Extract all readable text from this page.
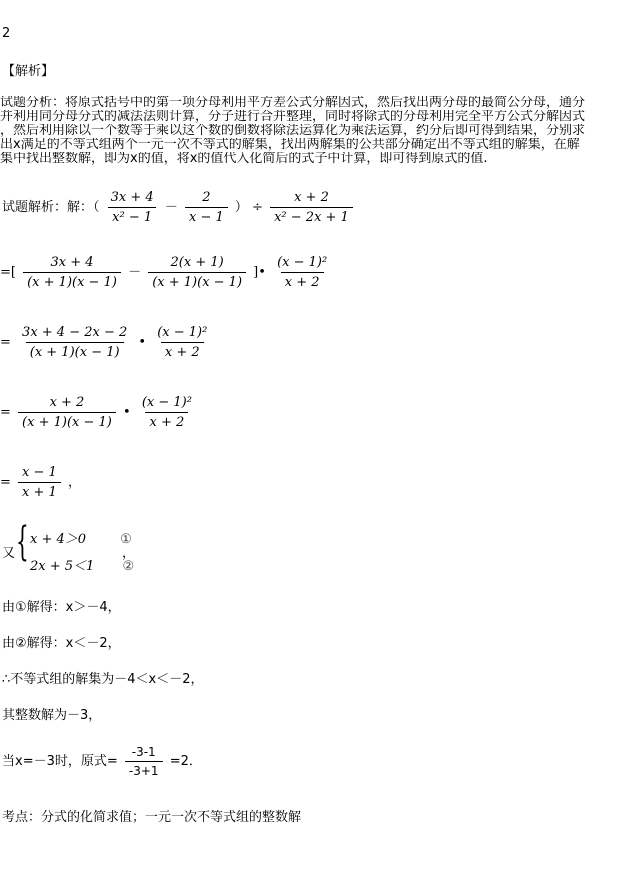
2
【解析】

试题分析：将原式括号中的第一项分母利用平方差公式分解因式，然后找出两分母的最简公分母，通分

并利用同分母分式的减法法则计算，分子进行合并整理，同时将除式的分母利用完全平方公式分解因式

，然后利用除以一个数等于乘以这个数的倒数将除法运算化为乘法运算，约分后即可得到结果，分别求

出x满足的不等式组两个一元一次不等式的解集，找出两解集的公共部分确定出不等式组的解集，在解

集中找出整数解，即为x的值，将x的值代入化简后的式子中计算，即可得到原式的值.

试题解析：解：（ $\frac{3x + 4}{\text{x² − 1}} - \frac{2}{x - 1}$ ） ÷ $\frac{x + 2}{\text{x² − 2x + 1}}$
=[ $\frac{3x + 4}{(x + 1)(x - 1)} - \frac{2(x + 1)}{(x + 1)(x - 1)}$ ]• $\frac{\text{(x − 1)²}}{x + 2}$
= $\frac{3x + 4 - 2x - 2}{(x + 1)(x - 1)}$ • $\frac{\text{(x − 1)²}}{x + 2}$
= $\frac{x + 2}{(x + 1)(x - 1)}$ • $\frac{\text{(x − 1)²}}{x + 2}$
= $\frac{x - 1}{x + 1}$ ，
又 { x + 4＞0	①
2x + 5＜1 ②
，
由①解得：x＞－4，
由②解得：x＜－2，
∴不等式组的解集为－4＜x＜－2，
其整数解为－3，
当x=－3时，原式= $\frac{-3-1}{-3+1} =2$．
考点：分式的化简求值；一元一次不等式组的整数解
